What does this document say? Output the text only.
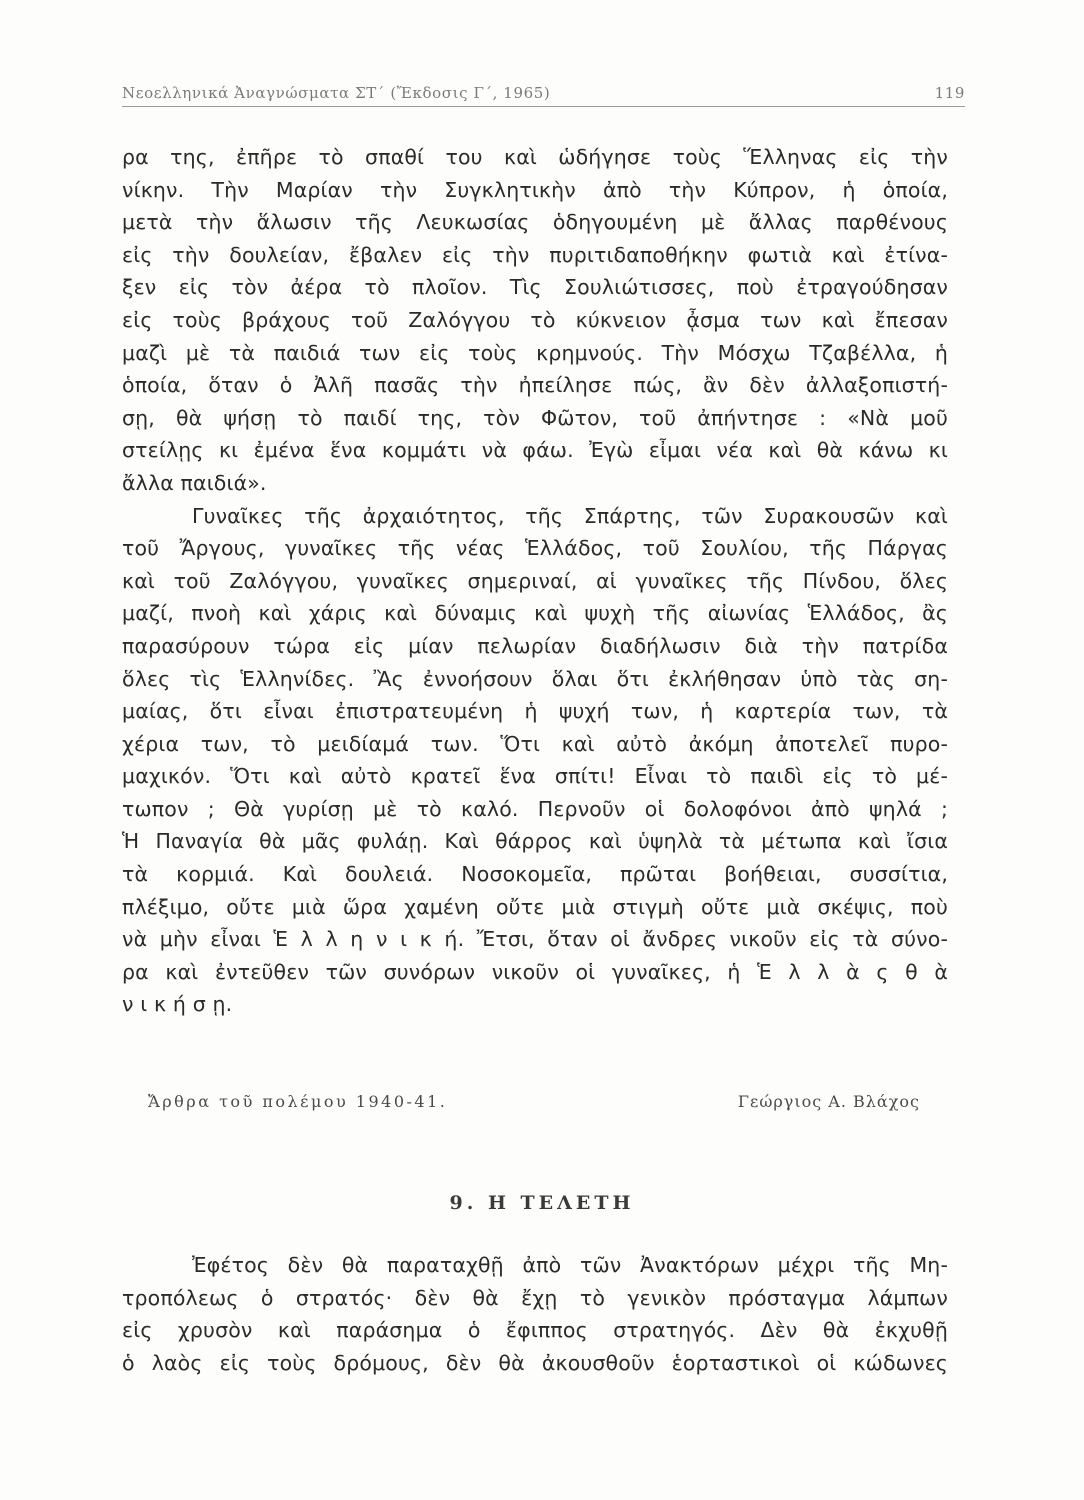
Νεοελληνικά Ἀναγνώσματα ΣΤ΄ (Ἔκδοσις Γ΄, 1965)	119
ρα της, ἐπῆρε τὸ σπαθί του καὶ ὡδήγησε τοὺς Ἕλληνας εἰς τὴν
νίκην. Τὴν Μαρίαν τὴν Συγκλητικὴν ἀπὸ τὴν Κύπρον, ἡ ὁποία,
μετὰ τὴν ἅλωσιν τῆς Λευκωσίας ὁδηγουμένη μὲ ἄλλας παρθένους
εἰς τὴν δουλείαν, ἔβαλεν εἰς τὴν πυριτιδαποθήκην φωτιὰ καὶ ἐτίνα-
ξεν εἰς τὸν ἀέρα τὸ πλοῖον. Τὶς Σουλιώτισσες, ποὺ ἐτραγούδησαν
εἰς τοὺς βράχους τοῦ Ζαλόγγου τὸ κύκνειον ᾆσμα των καὶ ἔπεσαν
μαζὶ μὲ τὰ παιδιά των εἰς τοὺς κρημνούς. Τὴν Μόσχω Τζαβέλλα, ἡ
ὁποία, ὅταν ὁ Ἀλῆ πασᾶς τὴν ἠπείλησε πώς, ἂν δὲν ἀλλαξοπιστή-
σῃ, θὰ ψήσῃ τὸ παιδί της, τὸν Φῶτον, τοῦ ἀπήντησε : «Νὰ μοῦ
στείλῃς κι ἐμένα ἕνα κομμάτι νὰ φάω. Ἐγὼ εἶμαι νέα καὶ θὰ κάνω κι
ἄλλα παιδιά».
Γυναῖκες τῆς ἀρχαιότητος, τῆς Σπάρτης, τῶν Συρακουσῶν καὶ
τοῦ Ἄργους, γυναῖκες τῆς νέας Ἑλλάδος, τοῦ Σουλίου, τῆς Πάργας
καὶ τοῦ Ζαλόγγου, γυναῖκες σημεριναί, αἱ γυναῖκες τῆς Πίνδου, ὅλες
μαζί, πνοὴ καὶ χάρις καὶ δύναμις καὶ ψυχὴ τῆς αἰωνίας Ἑλλάδος, ἂς
παρασύρουν τώρα εἰς μίαν πελωρίαν διαδήλωσιν διὰ τὴν πατρίδα
ὅλες τὶς Ἑλληνίδες. Ἂς ἐννοήσουν ὅλαι ὅτι ἐκλήθησαν ὑπὸ τὰς ση-
μαίας, ὅτι εἶναι ἐπιστρατευμένη ἡ ψυχή των, ἡ καρτερία των, τὰ
χέρια των, τὸ μειδίαμά των. Ὅτι καὶ αὐτὸ ἀκόμη ἀποτελεῖ πυρο-
μαχικόν. Ὅτι καὶ αὐτὸ κρατεῖ ἕνα σπίτι! Εἶναι τὸ παιδὶ εἰς τὸ μέ-
τωπον ; Θὰ γυρίσῃ μὲ τὸ καλό. Περνοῦν οἱ δολοφόνοι ἀπὸ ψηλά ;
Ἡ Παναγία θὰ μᾶς φυλάῃ. Καὶ θάρρος καὶ ὑψηλὰ τὰ μέτωπα καὶ ἴσια
τὰ κορμιά. Καὶ δουλειά. Νοσοκομεῖα, πρῶται βοήθειαι, συσσίτια,
πλέξιμο, οὔτε μιὰ ὥρα χαμένη οὔτε μιὰ στιγμὴ οὔτε μιὰ σκέψις, ποὺ
νὰ μὴν εἶναι Ἑ λ λ η ν ι κ ή. Ἔτσι, ὅταν οἱ ἄνδρες νικοῦν εἰς τὰ σύνο-
ρα καὶ ἐντεῦθεν τῶν συνόρων νικοῦν οἱ γυναῖκες, ἡ Ἑ λ λ ὰ ς θ ὰ
ν ι κ ή σ ῃ.
Ἄρθρα τοῦ πολέμου 1940-41.	Γεώργιος Α. Βλάχος
9. Η ΤΕΛΕΤΗ
Ἐφέτος δὲν θὰ παραταχθῇ ἀπὸ τῶν Ἀνακτόρων μέχρι τῆς Μη-
τροπόλεως ὁ στρατός· δὲν θὰ ἔχῃ τὸ γενικὸν πρόσταγμα λάμπων
εἰς χρυσὸν καὶ παράσημα ὁ ἔφιππος στρατηγός. Δὲν θὰ ἐκχυθῇ
ὁ λαὸς εἰς τοὺς δρόμους, δὲν θὰ ἀκουσθοῦν ἑορταστικοὶ οἱ κώδωνες
